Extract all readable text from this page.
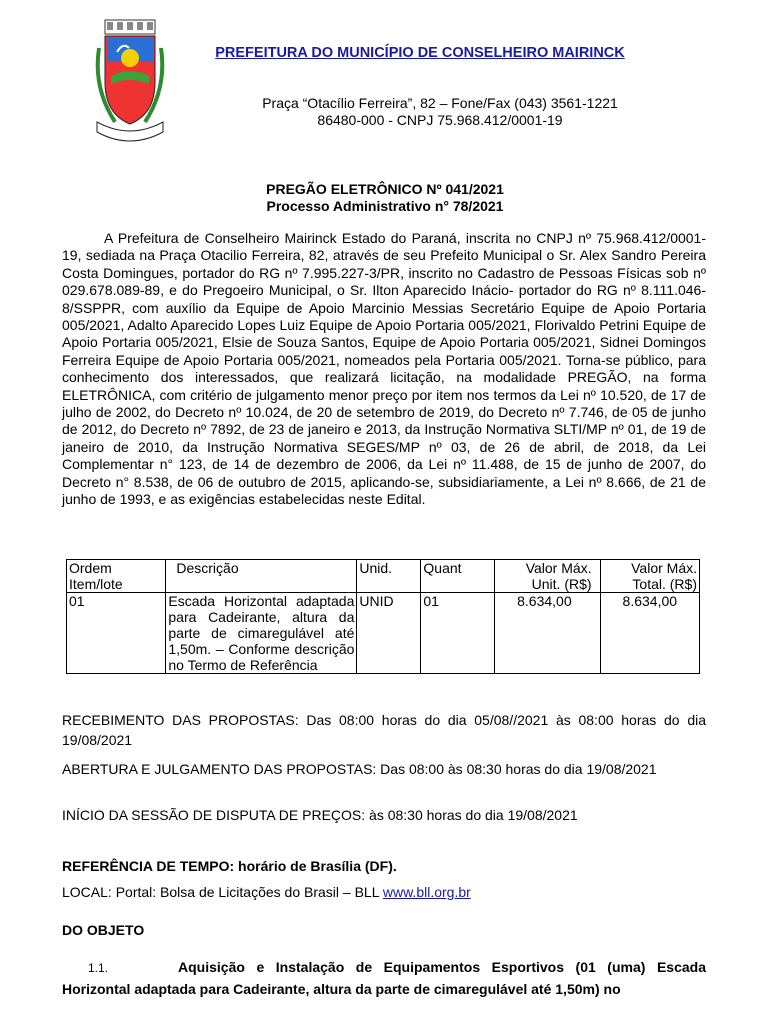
PREFEITURA DO MUNICÍPIO DE CONSELHEIRO MAIRINCK
Praça “Otacílio Ferreira”, 82 – Fone/Fax (043) 3561-1221
86480-000 - CNPJ 75.968.412/0001-19
PREGÃO ELETRÔNICO Nº 041/2021
Processo Administrativo n° 78/2021
A Prefeitura de Conselheiro Mairinck Estado do Paraná, inscrita no CNPJ nº 75.968.412/0001-19, sediada na Praça Otacilio Ferreira, 82, através de seu Prefeito Municipal o Sr. Alex Sandro Pereira Costa Domingues, portador do RG nº 7.995.227-3/PR, inscrito no Cadastro de Pessoas Físicas sob nº 029.678.089-89, e do Pregoeiro Municipal, o Sr. Ilton Aparecido Inácio- portador do RG nº 8.111.046-8/SSPPR, com auxílio da Equipe de Apoio Marcinio Messias Secretário Equipe de Apoio Portaria 005/2021, Adalto Aparecido Lopes Luiz Equipe de Apoio Portaria 005/2021, Florivaldo Petrini Equipe de Apoio Portaria 005/2021, Elsie de Souza Santos, Equipe de Apoio Portaria 005/2021, Sidnei Domingos Ferreira Equipe de Apoio Portaria 005/2021, nomeados pela Portaria 005/2021. Torna-se público, para conhecimento dos interessados, que realizará licitação, na modalidade PREGÃO, na forma ELETRÔNICA, com critério de julgamento menor preço por item nos termos da Lei nº 10.520, de 17 de julho de 2002, do Decreto nº 10.024, de 20 de setembro de 2019, do Decreto nº 7.746, de 05 de junho de 2012, do Decreto nº 7892, de 23 de janeiro e 2013, da Instrução Normativa SLTI/MP nº 01, de 19 de janeiro de 2010, da Instrução Normativa SEGES/MP nº 03, de 26 de abril, de 2018, da Lei Complementar n° 123, de 14 de dezembro de 2006, da Lei nº 11.488, de 15 de junho de 2007, do Decreto n° 8.538, de 06 de outubro de 2015, aplicando-se, subsidiariamente, a Lei nº 8.666, de 21 de junho de 1993, e as exigências estabelecidas neste Edital.
Ordem Item/lote	Descrição	Unid.	Quant	Valor Máx. Unit. (R$)	Valor Máx. Total. (R$)
01	Escada Horizontal adaptada para Cadeirante, altura da parte de cimaregulável até 1,50m. – Conforme descrição no Termo de Referência	UNID	01	8.634,00	8.634,00
RECEBIMENTO DAS PROPOSTAS: Das 08:00 horas do dia 05/08//2021 às 08:00 horas do dia 19/08/2021
ABERTURA E JULGAMENTO DAS PROPOSTAS: Das 08:00 às 08:30 horas do dia 19/08/2021
INÍCIO DA SESSÃO DE DISPUTA DE PREÇOS: às 08:30 horas do dia 19/08/2021
REFERÊNCIA DE TEMPO: horário de Brasília (DF).
LOCAL: Portal: Bolsa de Licitações do Brasil – BLL www.bll.org.br
DO OBJETO
1.1.	Aquisição e Instalação de Equipamentos Esportivos (01 (uma) Escada Horizontal adaptada para Cadeirante, altura da parte de cimaregulável até 1,50m) no
